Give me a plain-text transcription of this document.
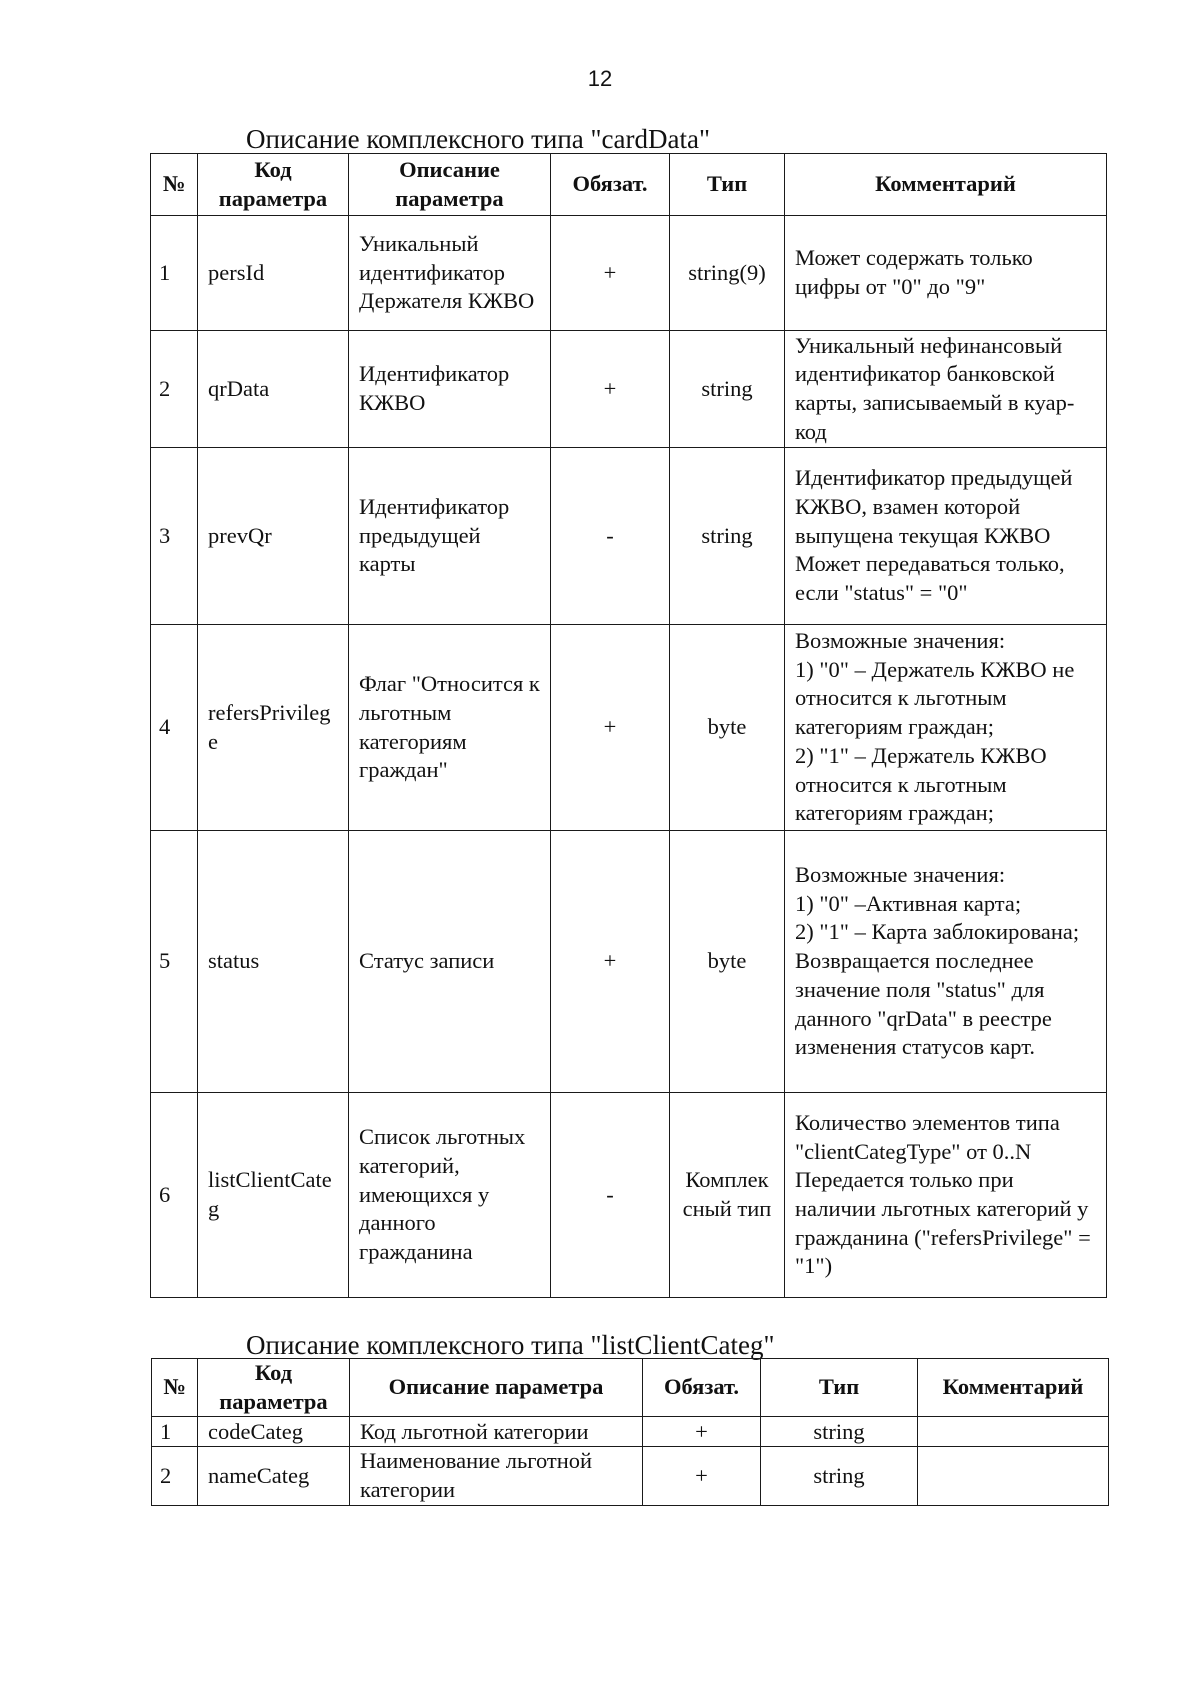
12
Описание комплексного типа "cardData"
№	Код параметра	Описание параметра	Обязат.	Тип	Комментарий
1	persId	Уникальный идентификатор Держателя КЖВО	+	string(9)	Может содержать только цифры от "0" до "9"
2	qrData	Идентификатор КЖВО	+	string	Уникальный нефинансовый идентификатор банковской карты, записываемый в куар-код
3	prevQr	Идентификатор предыдущей карты	-	string	Идентификатор предыдущей КЖВО, взамен которой выпущена текущая КЖВО
Может передаваться только, если "status" = "0"
4	refersPrivilege	Флаг "Относится к льготным категориям граждан"	+	byte	Возможные значения:
1) "0" – Держатель КЖВО не относится к льготным категориям граждан;
2) "1" – Держатель КЖВО относится к льготным категориям граждан;
5	status	Статус записи	+	byte	Возможные значения:
1) "0" –Активная карта;
2) "1" – Карта заблокирована;
Возвращается последнее значение поля "status" для данного "qrData" в реестре изменения статусов карт.
6	listClientCateg	Список льготных категорий, имеющихся у данного гражданина	-	Комплексный тип	Количество элементов типа "clientCategType" от 0..N
Передается только при наличии льготных категорий у гражданина ("refersPrivilege" = "1")
Описание комплексного типа "listClientCateg"
№	Код параметра	Описание параметра	Обязат.	Тип	Комментарий
1	codeCateg	Код льготной категории	+	string	
2	nameCateg	Наименование льготной категории	+	string	
